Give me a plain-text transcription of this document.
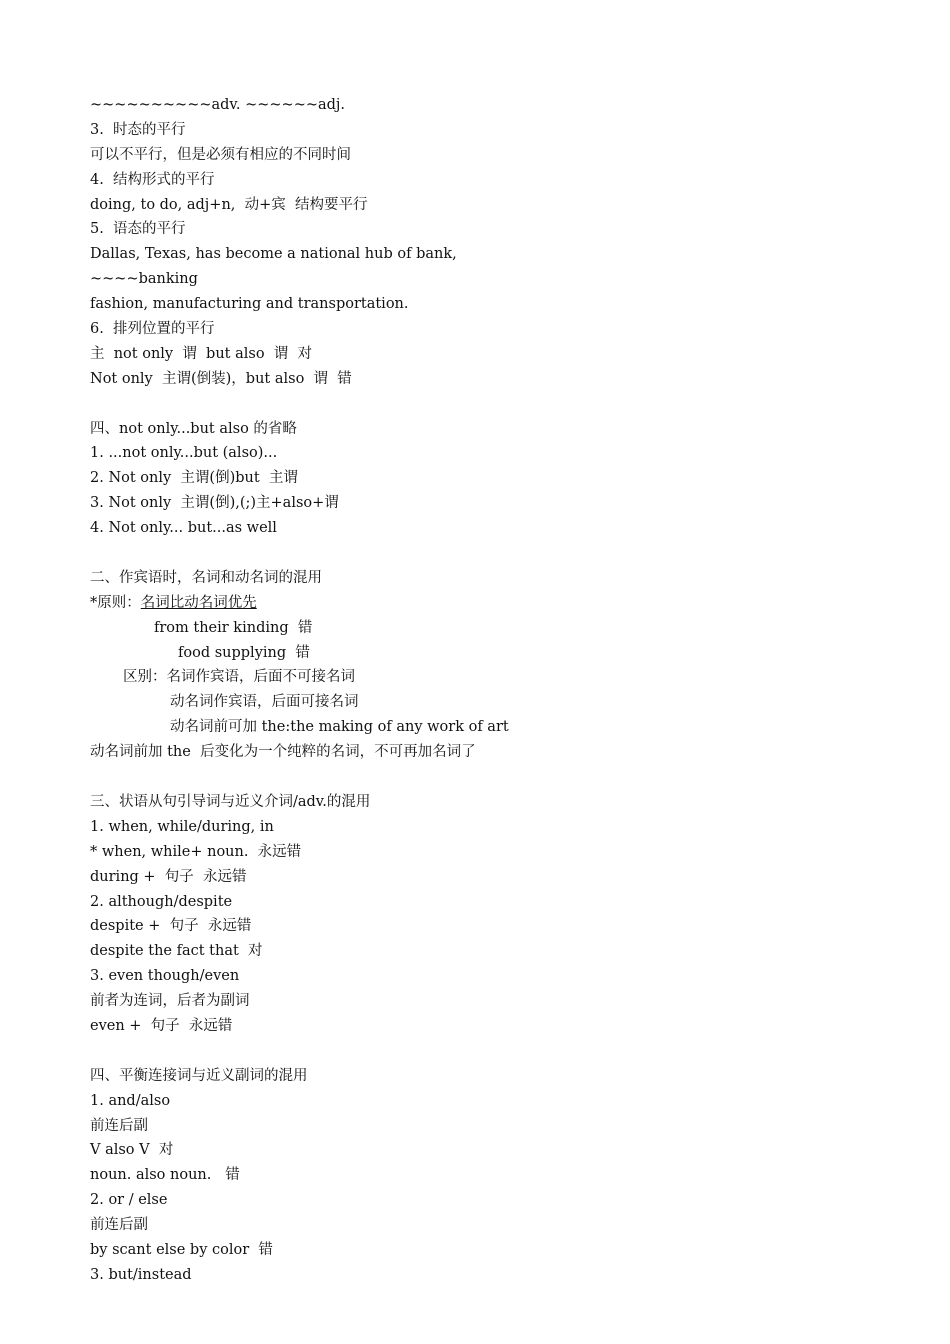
~~~~~~~~~~adv. ~~~~~~adj.
3.  时态的平行
可以不平行，但是必须有相应的不同时间
4.  结构形式的平行
doing, to do, adj+n,  动+宾  结构要平行
5.  语态的平行
Dallas, Texas, has become a national hub of bank,
~~~~banking
fashion, manufacturing and transportation.
6.  排列位置的平行
主  not only  谓  but also  谓  对
Not only  主谓(倒装)，but also  谓  错
四、not only...but also 的省略
1. ...not only...but (also)...
2. Not only  主谓(倒)but  主谓
3. Not only  主谓(倒),(;)主+also+谓
4. Not only... but...as well
二、作宾语时，名词和动名词的混用
*原则：名词比动名词优先
from their kinding  错
food supplying  错
区别：名词作宾语，后面不可接名词
动名词作宾语，后面可接名词
动名词前可加 the:the making of any work of art
动名词前加 the  后变化为一个纯粹的名词，不可再加名词了
三、状语从句引导词与近义介词/adv.的混用
1. when, while/during, in
* when, while+ noun.  永远错
during +  句子  永远错
2. although/despite
despite +  句子  永远错
despite the fact that  对
3. even though/even
前者为连词，后者为副词
even +  句子  永远错
四、平衡连接词与近义副词的混用
1. and/also
前连后副
V also V  对
noun. also noun.   错
2. or / else
前连后副
by scant else by color  错
3. but/instead
